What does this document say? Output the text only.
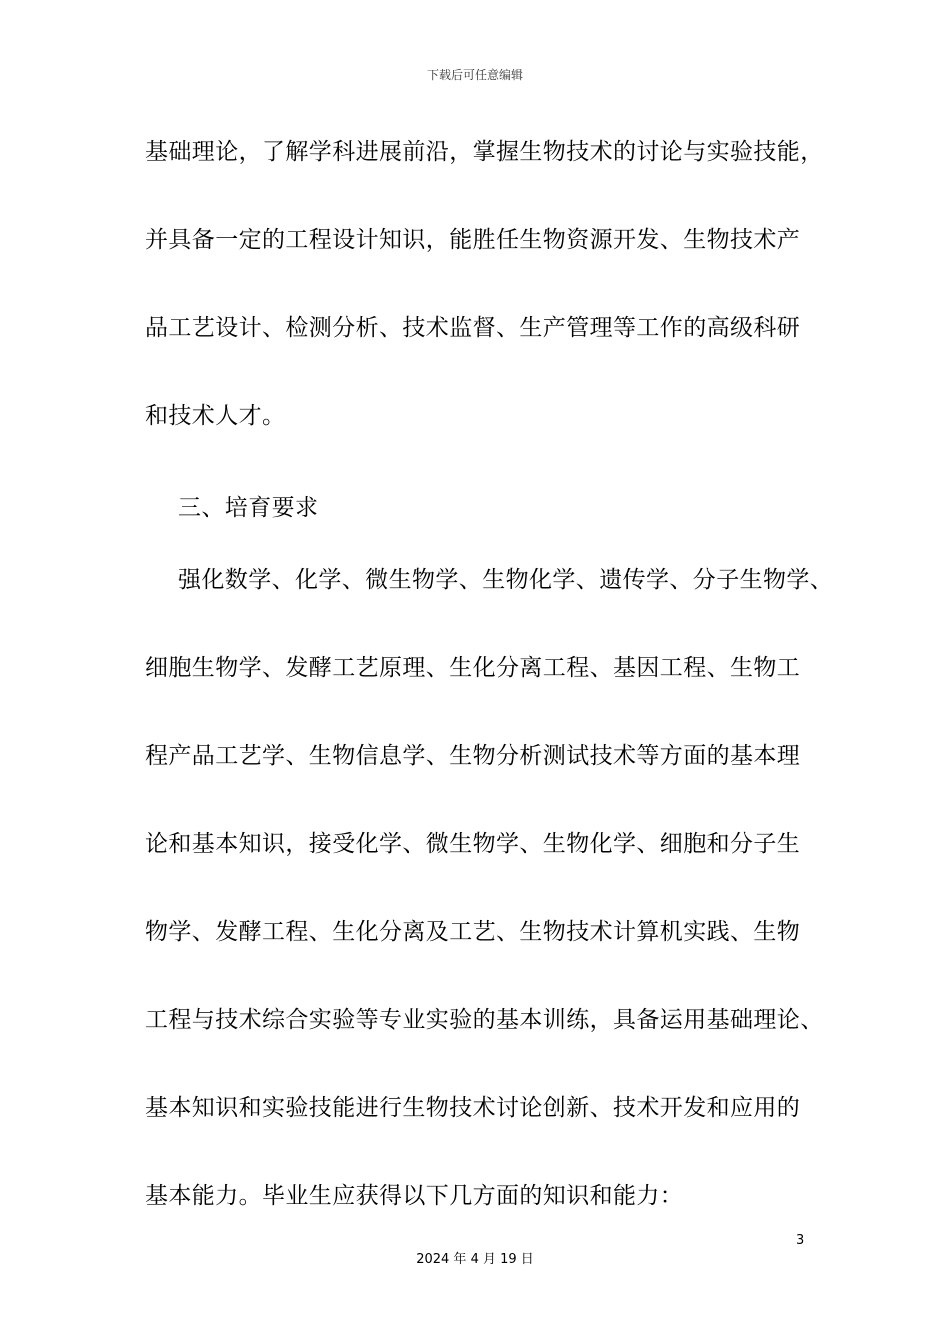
下载后可任意编辑
基础理论，了解学科进展前沿，掌握生物技术的讨论与实验技能，
并具备一定的工程设计知识，能胜任生物资源开发、生物技术产
品工艺设计、检测分析、技术监督、生产管理等工作的高级科研
和技术人才。
三、培育要求
强化数学、化学、微生物学、生物化学、遗传学、分子生物学、
细胞生物学、发酵工艺原理、生化分离工程、基因工程、生物工
程产品工艺学、生物信息学、生物分析测试技术等方面的基本理
论和基本知识，接受化学、微生物学、生物化学、细胞和分子生
物学、发酵工程、生化分离及工艺、生物技术计算机实践、生物
工程与技术综合实验等专业实验的基本训练，具备运用基础理论、
基本知识和实验技能进行生物技术讨论创新、技术开发和应用的
基本能力。毕业生应获得以下几方面的知识和能力：
3
2024 年 4 月 19 日
